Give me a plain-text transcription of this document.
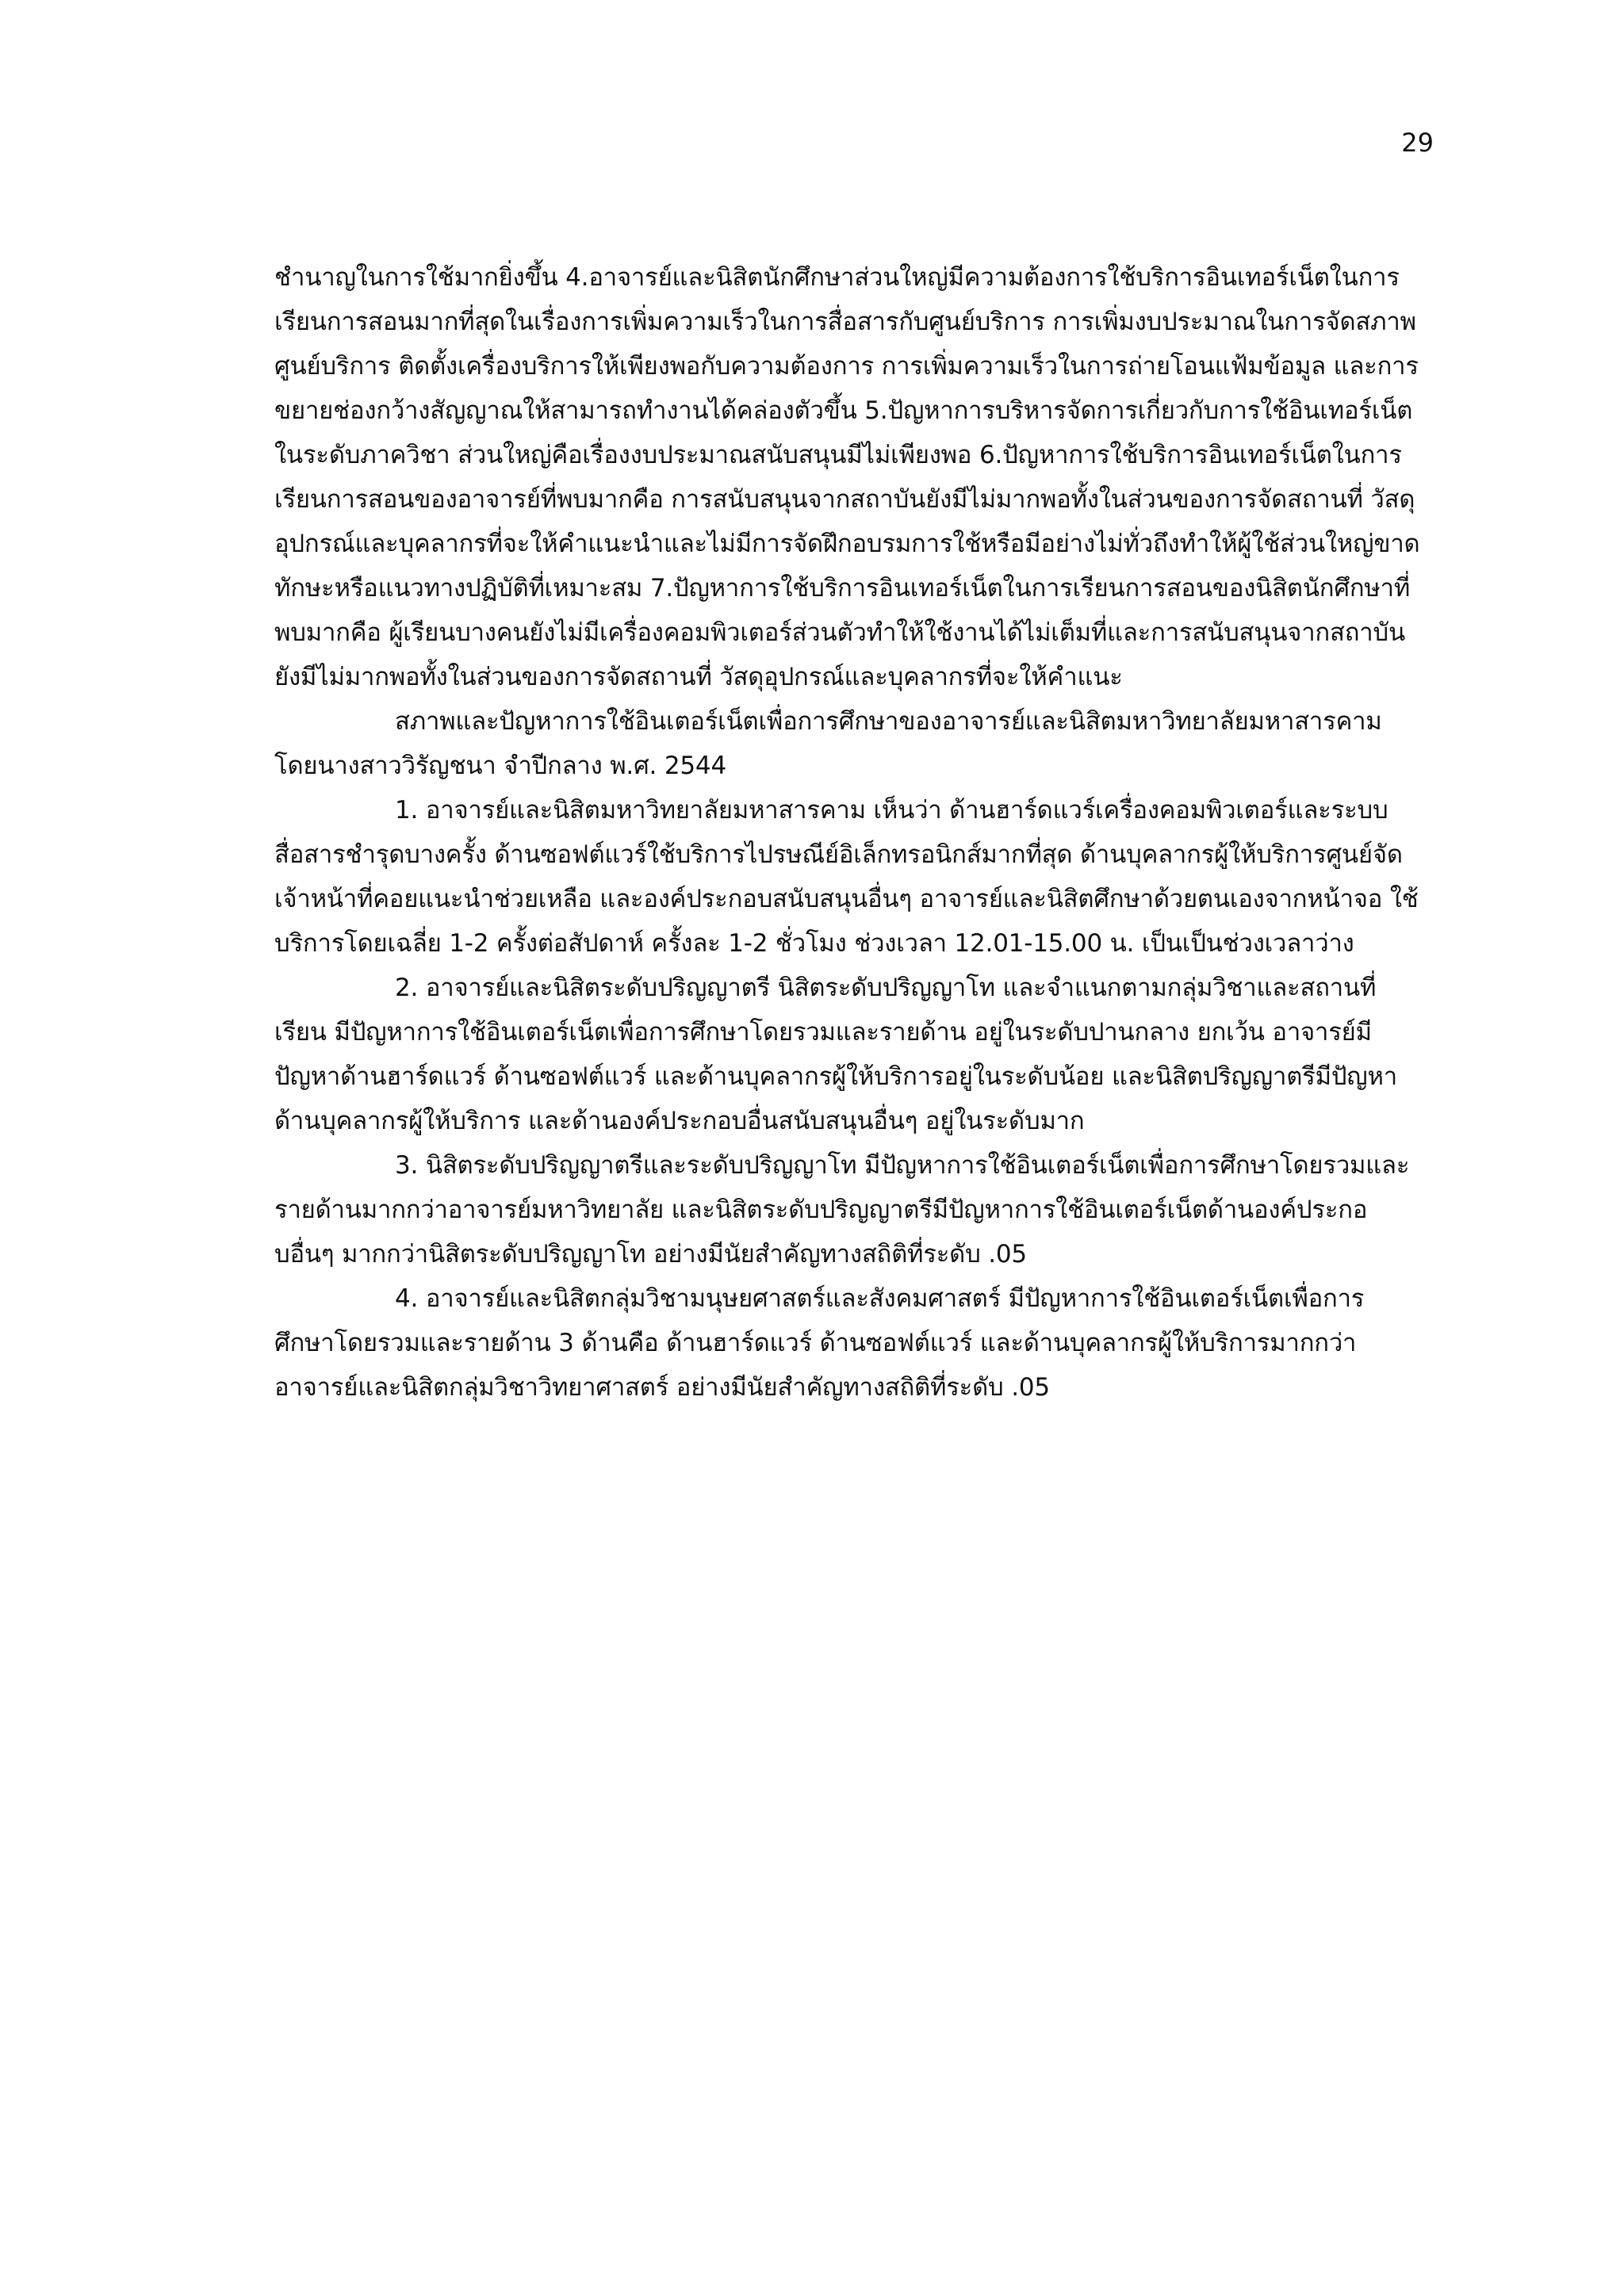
29

ชำนาญในการใช้มากยิ่งขึ้น 4.อาจารย์และนิสิตนักศึกษาส่วนใหญ่มีความต้องการใช้บริการอินเทอร์เน็ตในการเรียนการสอนมากที่สุดในเรื่องการเพิ่มความเร็วในการสื่อสารกับศูนย์บริการ การเพิ่มงบประมาณในการจัดสภาพศูนย์บริการ ติดตั้งเครื่องบริการให้เพียงพอกับความต้องการ การเพิ่มความเร็วในการถ่ายโอนแฟ้มข้อมูล และการขยายช่องกว้างสัญญาณให้สามารถทำงานได้คล่องตัวขึ้น 5.ปัญหาการบริหารจัดการเกี่ยวกับการใช้อินเทอร์เน็ตในระดับภาควิชา ส่วนใหญ่คือเรื่องงบประมาณสนับสนุนมีไม่เพียงพอ 6.ปัญหาการใช้บริการอินเทอร์เน็ตในการเรียนการสอนของอาจารย์ที่พบมากคือ การสนับสนุนจากสถาบันยังมีไม่มากพอทั้งในส่วนของการจัดสถานที่ วัสดุอุปกรณ์และบุคลากรที่จะให้คำแนะนำและไม่มีการจัดฝึกอบรมการใช้หรือมีอย่างไม่ทั่วถึงทำให้ผู้ใช้ส่วนใหญ่ขาดทักษะหรือแนวทางปฏิบัติที่เหมาะสม 7.ปัญหาการใช้บริการอินเทอร์เน็ตในการเรียนการสอนของนิสิตนักศึกษาที่พบมากคือ ผู้เรียนบางคนยังไม่มีเครื่องคอมพิวเตอร์ส่วนตัวทำให้ใช้งานได้ไม่เต็มที่และการสนับสนุนจากสถาบันยังมีไม่มากพอทั้งในส่วนของการจัดสถานที่ วัสดุอุปกรณ์และบุคลากรที่จะให้คำแนะ

สภาพและปัญหาการใช้อินเตอร์เน็ตเพื่อการศึกษาของอาจารย์และนิสิตมหาวิทยาลัยมหาสารคาม โดยนางสาววิรัญชนา จำปีกลาง พ.ศ. 2544

1. อาจารย์และนิสิตมหาวิทยาลัยมหาสารคาม เห็นว่า ด้านฮาร์ดแวร์เครื่องคอมพิวเตอร์และระบบสื่อสารชำรุดบางครั้ง ด้านซอฟต์แวร์ใช้บริการไปรษณีย์อิเล็กทรอนิกส์มากที่สุด ด้านบุคลากรผู้ให้บริการศูนย์จัดเจ้าหน้าที่คอยแนะนำช่วยเหลือ และองค์ประกอบสนับสนุนอื่นๆ อาจารย์และนิสิตศึกษาด้วยตนเองจากหน้าจอ ใช้บริการโดยเฉลี่ย 1-2 ครั้งต่อสัปดาห์ ครั้งละ 1-2 ชั่วโมง ช่วงเวลา 12.01-15.00 น. เป็นเป็นช่วงเวลาว่าง

2. อาจารย์และนิสิตระดับปริญญาตรี นิสิตระดับปริญญาโท และจำแนกตามกลุ่มวิชาและสถานที่เรียน มีปัญหาการใช้อินเตอร์เน็ตเพื่อการศึกษาโดยรวมและรายด้าน อยู่ในระดับปานกลาง ยกเว้น อาจารย์มีปัญหาด้านฮาร์ดแวร์ ด้านซอฟต์แวร์ และด้านบุคลากรผู้ให้บริการอยู่ในระดับน้อย และนิสิตปริญญาตรีมีปัญหาด้านบุคลากรผู้ให้บริการ และด้านองค์ประกอบอื่นสนับสนุนอื่นๆ อยู่ในระดับมาก

3. นิสิตระดับปริญญาตรีและระดับปริญญาโท มีปัญหาการใช้อินเตอร์เน็ตเพื่อการศึกษาโดยรวมและรายด้านมากกว่าอาจารย์มหาวิทยาลัย และนิสิตระดับปริญญาตรีมีปัญหาการใช้อินเตอร์เน็ตด้านองค์ประกอบอื่นๆ มากกว่านิสิตระดับปริญญาโท อย่างมีนัยสำคัญทางสถิติที่ระดับ .05

4. อาจารย์และนิสิตกลุ่มวิชามนุษยศาสตร์และสังคมศาสตร์ มีปัญหาการใช้อินเตอร์เน็ตเพื่อการศึกษาโดยรวมและรายด้าน 3 ด้านคือ ด้านฮาร์ดแวร์ ด้านซอฟต์แวร์ และด้านบุคลากรผู้ให้บริการมากกว่าอาจารย์และนิสิตกลุ่มวิชาวิทยาศาสตร์ อย่างมีนัยสำคัญทางสถิติที่ระดับ .05
